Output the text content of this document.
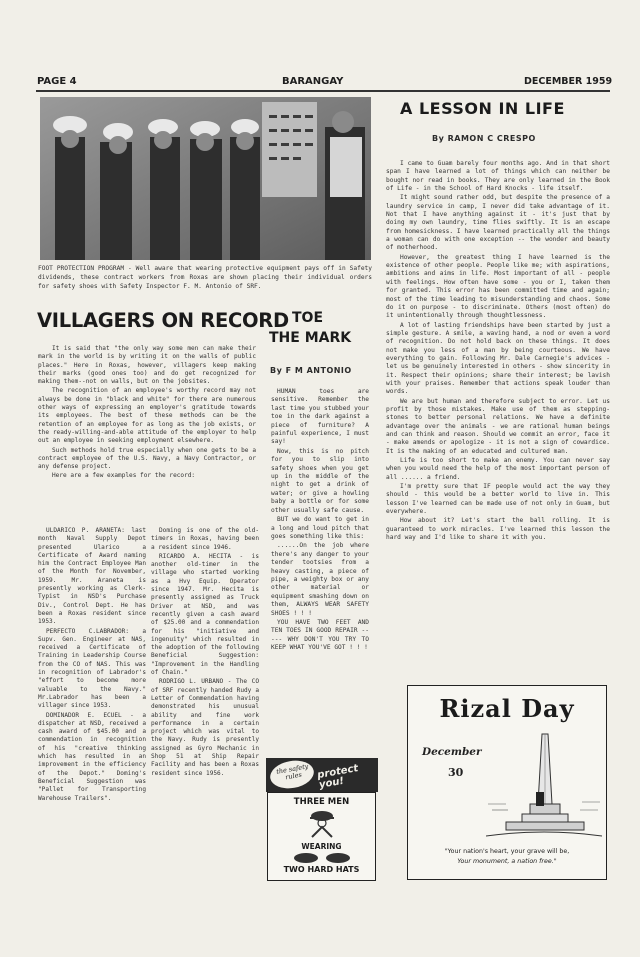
PAGE 4	BARANGAY	DECEMBER 1959
FOOT PROTECTION PROGRAM - Well aware that wearing protective equipment pays off in Safety dividends, these contract workers from Roxas are shown placing their individual orders for safety shoes with Safety Inspector F. M. Antonio of SRF.
VILLAGERS ON RECORD

It is said that "the only way some men can make their mark in the world is by writing it on the walls of public places." Here in Roxas, however, villagers keep making their marks (good ones too) and do get recognized for making them--not on walls, but on the jobsites.

The recognition of an employee's worthy record may not always be done in "black and white" for there are numerous other ways of expressing an employer's gratitude towards its employees. The best of these methods can be the retention of an employee for as long as the job exists, or the ready-willing-and-able attitude of the employer to help out an employee in seeking employment elsewhere.

Such methods hold true especially when one gets to be a contract employee of the U.S. Navy, a Navy Contractor, or any defense project.

Here are a few examples for the record:

ULDARICO P. ARANETA: last month Naval Supply Depot presented Ularico a Certificate of Award naming him the Contract Employee Man of the Month for November, 1959. Mr. Araneta is presently working as Clerk-Typist in NSD's Purchase Div., Control Dept. He has been a Roxas resident since 1953.

PERFECTO C.LABRADOR: a Supv. Gen. Engineer at NAS, received a Certificate of Training in Leadership Course from the CO of NAS. This was in recognition of Labrador's "effort to become more valuable to the Navy." Mr.Labrador has been a villager since 1953.

DOMINADOR E. ECUEL - a dispatcher at NSD, received a cash award of $45.00 and a commendation in recognition of his "creative thinking which has resulted in an improvement in the efficiency of the Depot." Doming's Beneficial Suggestion was "Pallet for Transporting Warehouse Trailers".

Doming is one of the old-timers in Roxas, having been a resident since 1946.

RICARDO A. HECITA - is another old-timer in the village who started working as a Hvy Equip. Operator since 1947. Mr. Hecita is presently assigned as Truck Driver at NSD, and was recently given a cash award of $25.00 and a commendation for his "initiative and ingenuity" which resulted in the adoption of the following Beneficial Suggestion: "Improvement in the Handling of Chain."

RODRIGO L. URBANO - The CO of SRF recently handed Rudy a Letter of Commendation having demonstrated his unusual ability and fine work performance in a certain project which was vital to the Navy. Rudy is presently assigned as Gyro Mechanic in Shop 51 at Ship Repair Facility and has been a Roxas resident since 1956.

TOE
THE MARK
By F M ANTONIO

HUMAN toes are sensitive. Remember the last time you stubbed your toe in the dark against a piece of furniture? A painful experience, I must say!

Now, this is no pitch for you to slip into safety shoes when you get up in the middle of the night to get a drink of water; or give a howling baby a bottle or for some other usually safe cause.

BUT we do want to get in a long and loud pitch that goes something like this:

......On the job where there's any danger to your tender tootsies from a heavy casting, a piece of pipe, a weighty box or any other material or equipment smashing down on them, ALWAYS WEAR SAFETY SHOES ! ! !

YOU HAVE TWO FEET AND TEN TOES IN GOOD REPAIR ----- WHY DON'T YOU TRY TO KEEP WHAT YOU'VE GOT ! ! !

the safety rules	protect you!
THREE MEN
WEARING
TWO HARD HATS
A LESSON IN LIFE
By RAMON C CRESPO

I came to Guam barely four months ago. And in that short span I have learned a lot of things which can neither be bought nor read in books. They are only learned in the Book of Life - in the School of Hard Knocks - life itself.

It might sound rather odd, but despite the presence of a laundry service in camp, I never did take advantage of it. Not that I have anything against it - it's just that by doing my own laundry, time flies swiftly. It is an escape from homesickness. I have learned practically all the things a woman can do with one exception -- the wonder and beauty of motherhood.

However, the greatest thing I have learned is the existence of other people. People like me; with aspirations, ambitions and aims in life. Most important of all - people with feelings. How often have some - you or I, taken them for granted. This error has been committed time and again; most of the time leading to misunderstanding and chaos. Some do it on purpose - to discriminate. Others (most often) do it unintentionally through thoughtlessness.

A lot of lasting friendships have been started by just a simple gesture. A smile, a waving hand, a nod or even a word of recognition. Do not hold back on these things. It does not make you less of a man by being courteous. We have everything to gain. Following Mr. Dale Carnegie's advices - let us be genuinely interested in others - show sincerity in it. Respect their opinions; share their interest; be lavish with your praises. Remember that actions speak louder than words.

We are but human and therefore subject to error. Let us profit by those mistakes. Make use of them as stepping-stones to better personal relations. We have a definite advantage over the animals - we are rational human beings and can think and reason. Should we commit an error, face it - make amends or apologize - it is not a sign of cowardice. It is the making of an educated and cultured man.

Life is too short to make an enemy. You can never say when you would need the help of the most important person of all ...... a friend.

I'm pretty sure that IF people would act the way they should - this would be a better world to live in. This lesson I've learned can be made use of not only in Guam, but everywhere.

How about it? Let's start the ball rolling. It is guaranteed to work miracles. I've learned this lesson the hard way and I'd like to share it with you.

Rizal Day
December
30
"Your nation's heart, your grave will be,
Your monument, a nation free."
